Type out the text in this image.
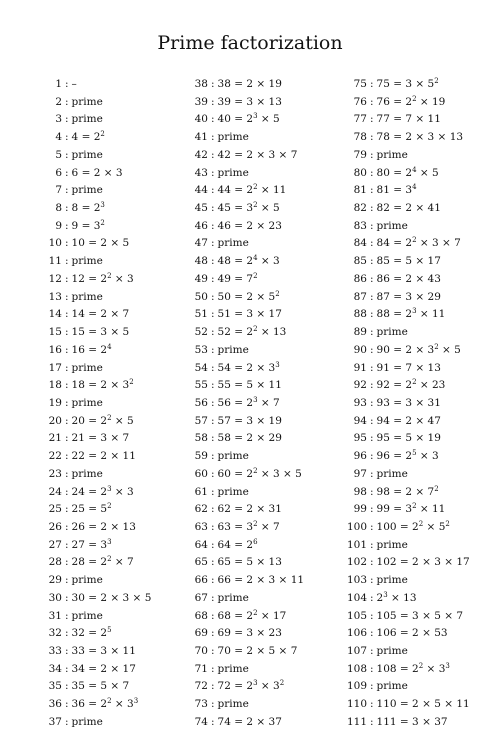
Prime factorization
1 : –
2 : prime
3 : prime
4 : $4 = 2^2$
5 : prime
6 : 6 = 2 × 3
7 : prime
8 : $8 = 2^3$
9 : $9 = 3^2$
10 : 10 = 2 × 5
11 : prime
12 : $12 = 2^2 \times 3$
13 : prime
14 : 14 = 2 × 7
15 : 15 = 3 × 5
16 : $16 = 2^4$
17 : prime
18 : $18 = 2 \times 3^2$
19 : prime
20 : $20 = 2^2 \times 5$
21 : 21 = 3 × 7
22 : 22 = 2 × 11
23 : prime
24 : $24 = 2^3 \times 3$
25 : $25 = 5^2$
26 : 26 = 2 × 13
27 : $27 = 3^3$
28 : $28 = 2^2 \times 7$
29 : prime
30 : 30 = 2 × 3 × 5
31 : prime
32 : $32 = 2^5$
33 : 33 = 3 × 11
34 : 34 = 2 × 17
35 : 35 = 5 × 7
36 : $36 = 2^2 \times 3^3$
37 : prime
38 : 38 = 2 × 19
39 : 39 = 3 × 13
40 : $40 = 2^3 \times 5$
41 : prime
42 : 42 = 2 × 3 × 7
43 : prime
44 : $44 = 2^2 \times 11$
45 : $45 = 3^2 \times 5$
46 : 46 = 2 × 23
47 : prime
48 : $48 = 2^4 \times 3$
49 : $49 = 7^2$
50 : $50 = 2 \times 5^2$
51 : 51 = 3 × 17
52 : $52 = 2^2 \times 13$
53 : prime
54 : $54 = 2 \times 3^3$
55 : 55 = 5 × 11
56 : $56 = 2^3 \times 7$
57 : 57 = 3 × 19
58 : 58 = 2 × 29
59 : prime
60 : $60 = 2^2 \times 3 \times 5$
61 : prime
62 : 62 = 2 × 31
63 : $63 = 3^2 \times 7$
64 : $64 = 2^6$
65 : 65 = 5 × 13
66 : 66 = 2 × 3 × 11
67 : prime
68 : $68 = 2^2 \times 17$
69 : 69 = 3 × 23
70 : 70 = 2 × 5 × 7
71 : prime
72 : $72 = 2^3 \times 3^2$
73 : prime
74 : 74 = 2 × 37
75 : $75 = 3 \times 5^2$
76 : $76 = 2^2 \times 19$
77 : 77 = 7 × 11
78 : 78 = 2 × 3 × 13
79 : prime
80 : $80 = 2^4 \times 5$
81 : $81 = 3^4$
82 : 82 = 2 × 41
83 : prime
84 : $84 = 2^2 \times 3 \times 7$
85 : 85 = 5 × 17
86 : 86 = 2 × 43
87 : 87 = 3 × 29
88 : $88 = 2^3 \times 11$
89 : prime
90 : $90 = 2 \times 3^2 \times 5$
91 : 91 = 7 × 13
92 : $92 = 2^2 \times 23$
93 : 93 = 3 × 31
94 : 94 = 2 × 47
95 : 95 = 5 × 19
96 : $96 = 2^5 \times 3$
97 : prime
98 : $98 = 2 \times 7^2$
99 : $99 = 3^2 \times 11$
100 : $100 = 2^2 \times 5^2$
101 : prime
102 : 102 = 2 × 3 × 17
103 : prime
104 : $2^3 \times 13$
105 : 105 = 3 × 5 × 7
106 : 106 = 2 × 53
107 : prime
108 : $108 = 2^2 \times 3^3$
109 : prime
110 : 110 = 2 × 5 × 11
111 : 111 = 3 × 37
